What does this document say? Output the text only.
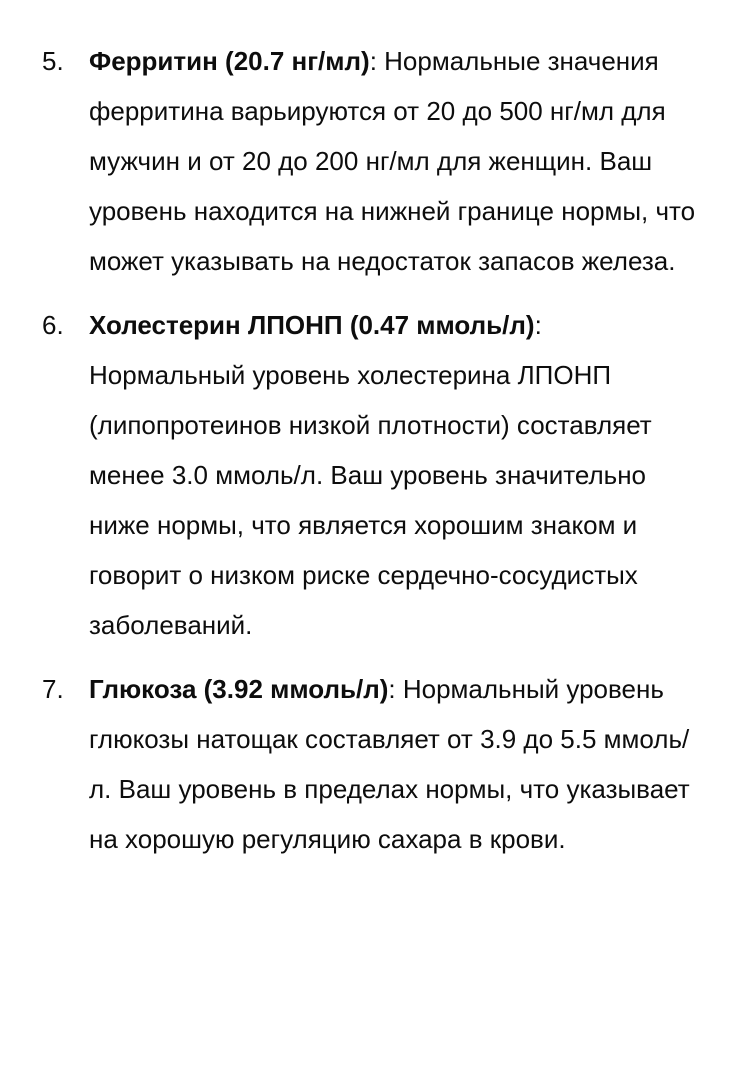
5. Ферритин (20.7 нг/мл): Нормальные значения ферритина варьируются от 20 до 500 нг/мл для мужчин и от 20 до 200 нг/мл для женщин. Ваш уровень находится на нижней границе нормы, что может указывать на недостаток запасов железа.
6. Холестерин ЛПОНП (0.47 ммоль/л): Нормальный уровень холестерина ЛПОНП (липопротеинов низкой плотности) составляет менее 3.0 ммоль/л. Ваш уровень значительно ниже нормы, что является хорошим знаком и говорит о низком риске сердечно-сосудистых заболеваний.
7. Глюкоза (3.92 ммоль/л): Нормальный уровень глюкозы натощак составляет от 3.9 до 5.5 ммоль/л. Ваш уровень в пределах нормы, что указывает на хорошую регуляцию сахара в крови.
